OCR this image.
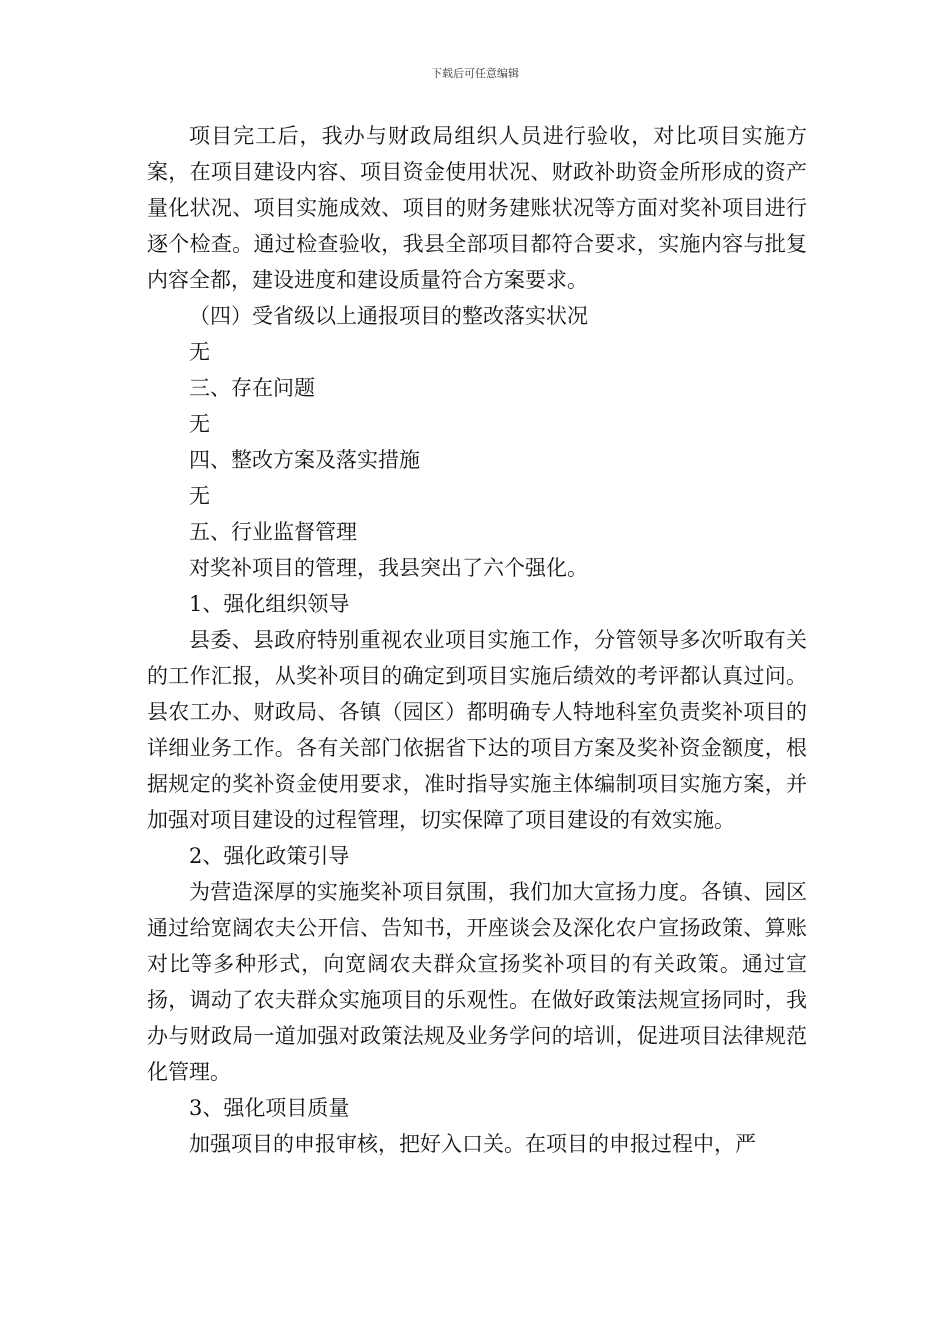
下载后可任意编辑

项目完工后，我办与财政局组织人员进行验收，对比项目实施方案，在项目建设内容、项目资金使用状况、财政补助资金所形成的资产量化状况、项目实施成效、项目的财务建账状况等方面对奖补项目进行逐个检查。通过检查验收，我县全部项目都符合要求，实施内容与批复内容全都，建设进度和建设质量符合方案要求。

（四）受省级以上通报项目的整改落实状况

无

三、存在问题

无

四、整改方案及落实措施

无

五、行业监督管理

对奖补项目的管理，我县突出了六个强化。

1、强化组织领导

县委、县政府特别重视农业项目实施工作，分管领导多次听取有关的工作汇报，从奖补项目的确定到项目实施后绩效的考评都认真过问。县农工办、财政局、各镇（园区）都明确专人特地科室负责奖补项目的详细业务工作。各有关部门依据省下达的项目方案及奖补资金额度，根据规定的奖补资金使用要求，准时指导实施主体编制项目实施方案，并加强对项目建设的过程管理，切实保障了项目建设的有效实施。

2、强化政策引导

为营造深厚的实施奖补项目氛围，我们加大宣扬力度。各镇、园区通过给宽阔农夫公开信、告知书，开座谈会及深化农户宣扬政策、算账对比等多种形式，向宽阔农夫群众宣扬奖补项目的有关政策。通过宣扬，调动了农夫群众实施项目的乐观性。在做好政策法规宣扬同时，我办与财政局一道加强对政策法规及业务学问的培训，促进项目法律规范化管理。

3、强化项目质量

加强项目的申报审核，把好入口关。在项目的申报过程中，严
